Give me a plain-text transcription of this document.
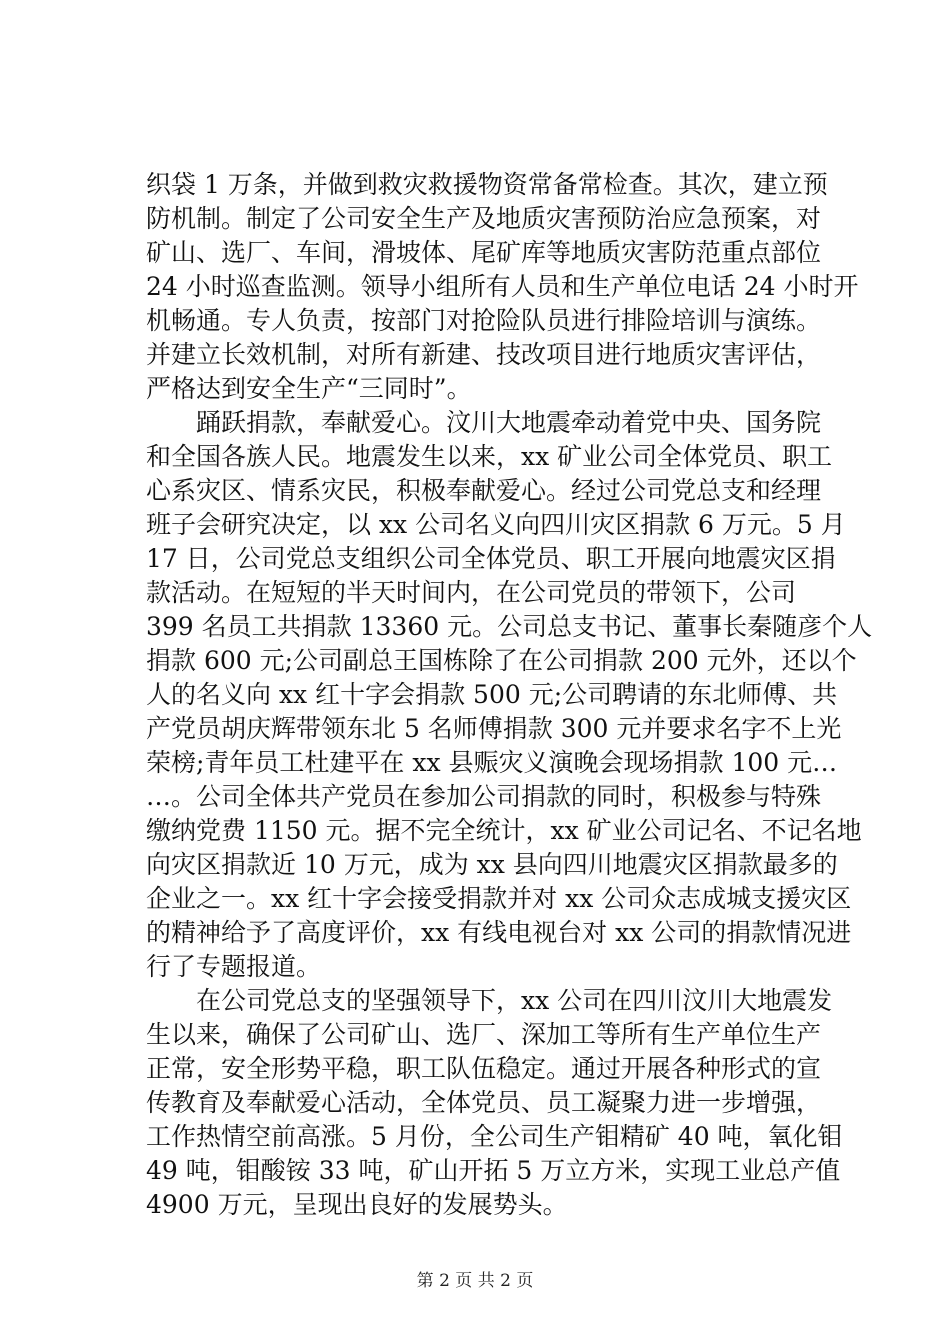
织袋 1 万条，并做到救灾救援物资常备常检查。其次，建立预
防机制。制定了公司安全生产及地质灾害预防治应急预案，对
矿山、选厂、车间，滑坡体、尾矿库等地质灾害防范重点部位
24 小时巡查监测。领导小组所有人员和生产单位电话 24 小时开
机畅通。专人负责，按部门对抢险队员进行排险培训与演练。
并建立长效机制，对所有新建、技改项目进行地质灾害评估，
严格达到安全生产“三同时”。
踊跃捐款，奉献爱心。汶川大地震牵动着党中央、国务院
和全国各族人民。地震发生以来，xx 矿业公司全体党员、职工
心系灾区、情系灾民，积极奉献爱心。经过公司党总支和经理
班子会研究决定，以 xx 公司名义向四川灾区捐款 6 万元。5 月
17 日，公司党总支组织公司全体党员、职工开展向地震灾区捐
款活动。在短短的半天时间内，在公司党员的带领下，公司
399 名员工共捐款 13360 元。公司总支书记、董事长秦随彦个人
捐款 600 元;公司副总王国栋除了在公司捐款 200 元外，还以个
人的名义向 xx 红十字会捐款 500 元;公司聘请的东北师傅、共
产党员胡庆辉带领东北 5 名师傅捐款 300 元并要求名字不上光
荣榜;青年员工杜建平在 xx 县赈灾义演晚会现场捐款 100 元…
…。公司全体共产党员在参加公司捐款的同时，积极参与特殊
缴纳党费 1150 元。据不完全统计，xx 矿业公司记名、不记名地
向灾区捐款近 10 万元，成为 xx 县向四川地震灾区捐款最多的
企业之一。xx 红十字会接受捐款并对 xx 公司众志成城支援灾区
的精神给予了高度评价，xx 有线电视台对 xx 公司的捐款情况进
行了专题报道。
在公司党总支的坚强领导下，xx 公司在四川汶川大地震发
生以来，确保了公司矿山、选厂、深加工等所有生产单位生产
正常，安全形势平稳，职工队伍稳定。通过开展各种形式的宣
传教育及奉献爱心活动，全体党员、员工凝聚力进一步增强，
工作热情空前高涨。5 月份，全公司生产钼精矿 40 吨，氧化钼
49 吨，钼酸铵 33 吨，矿山开拓 5 万立方米，实现工业总产值
4900 万元，呈现出良好的发展势头。
第 2 页 共 2 页
